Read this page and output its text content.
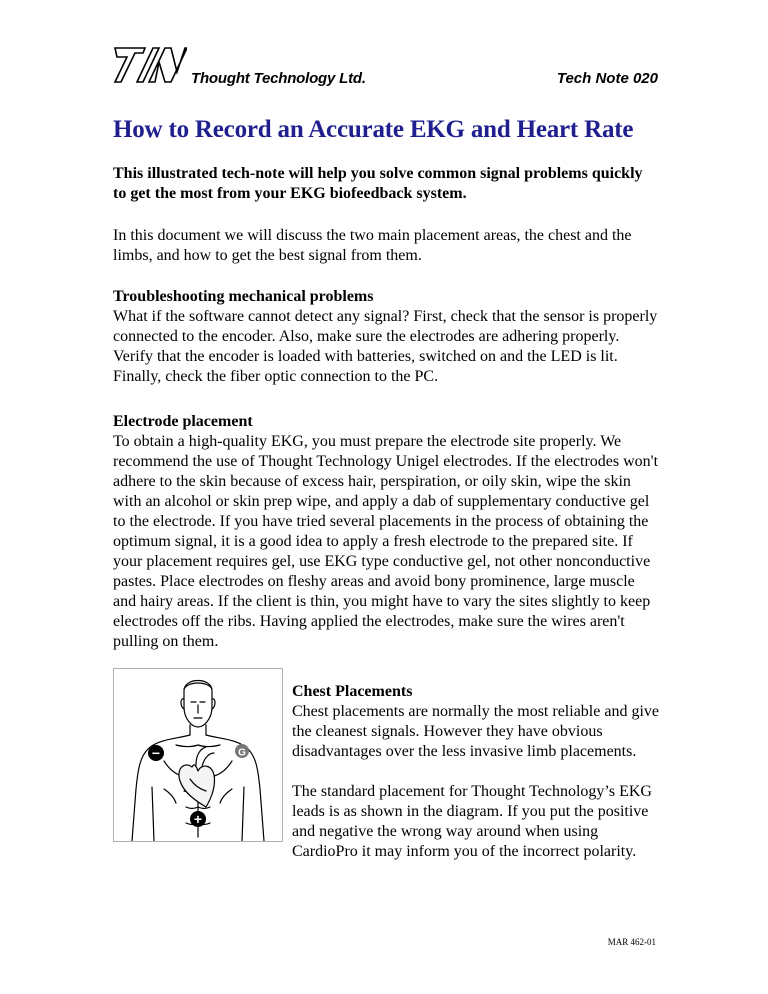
Thought Technology Ltd.	Tech Note 020
How to Record an Accurate EKG and Heart Rate

This illustrated tech-note will help you solve common signal problems quickly to get the most from your EKG biofeedback system.

In this document we will discuss the two main placement areas, the chest and the limbs, and how to get the best signal from them.

Troubleshooting mechanical problems

What if the software cannot detect any signal? First, check that the sensor is properly connected to the encoder. Also, make sure the electrodes are adhering properly. Verify that the encoder is loaded with batteries, switched on and the LED is lit. Finally, check the fiber optic connection to the PC.

Electrode placement

To obtain a high-quality EKG, you must prepare the electrode site properly. We recommend the use of Thought Technology Unigel electrodes. If the electrodes won't adhere to the skin because of excess hair, perspiration, or oily skin, wipe the skin with an alcohol or skin prep wipe, and apply a dab of supplementary conductive gel to the electrode. If you have tried several placements in the process of obtaining the optimum signal, it is a good idea to apply a fresh electrode to the prepared site. If your placement requires gel, use EKG type conductive gel, not other nonconductive pastes. Place electrodes on fleshy areas and avoid bony prominence, large muscle and hairy areas. If the client is thin, you might have to vary the sites slightly to keep electrodes off the ribs. Having applied the electrodes, make sure the wires aren't pulling on them.

−	G
+

Chest Placements

Chest placements are normally the most reliable and give the cleanest signals. However they have obvious disadvantages over the less invasive limb placements.

The standard placement for Thought Technology’s EKG leads is as shown in the diagram. If you put the positive and negative the wrong way around when using CardioPro it may inform you of the incorrect polarity.

MAR 462-01
